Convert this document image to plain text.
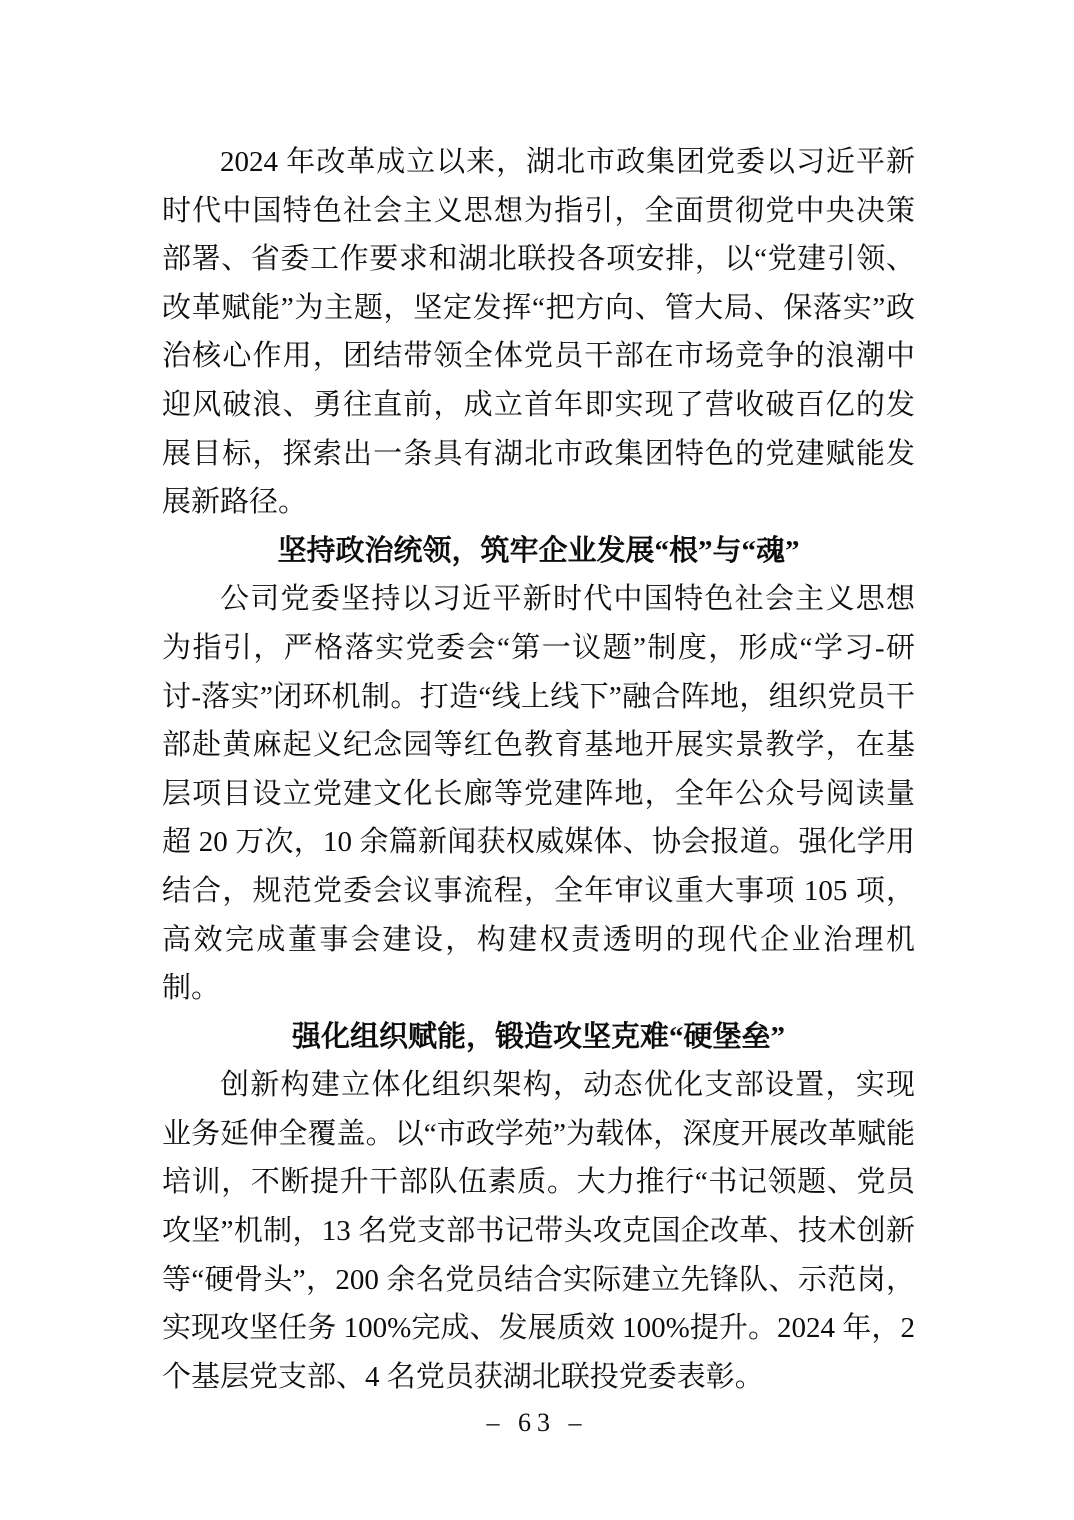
2024 年改革成立以来，湖北市政集团党委以习近平新时代中国特色社会主义思想为指引，全面贯彻党中央决策部署、省委工作要求和湖北联投各项安排，以“党建引领、改革赋能”为主题，坚定发挥“把方向、管大局、保落实”政治核心作用，团结带领全体党员干部在市场竞争的浪潮中迎风破浪、勇往直前，成立首年即实现了营收破百亿的发展目标，探索出一条具有湖北市政集团特色的党建赋能发展新路径。

坚持政治统领，筑牢企业发展“根”与“魂”

公司党委坚持以习近平新时代中国特色社会主义思想为指引，严格落实党委会“第一议题”制度，形成“学习-研讨-落实”闭环机制。打造“线上线下”融合阵地，组织党员干部赴黄麻起义纪念园等红色教育基地开展实景教学，在基层项目设立党建文化长廊等党建阵地，全年公众号阅读量超 20 万次，10 余篇新闻获权威媒体、协会报道。强化学用结合，规范党委会议事流程，全年审议重大事项 105 项，高效完成董事会建设，构建权责透明的现代企业治理机制。

强化组织赋能，锻造攻坚克难“硬堡垒”

创新构建立体化组织架构，动态优化支部设置，实现业务延伸全覆盖。以“市政学苑”为载体，深度开展改革赋能培训，不断提升干部队伍素质。大力推行“书记领题、党员攻坚”机制，13 名党支部书记带头攻克国企改革、技术创新等“硬骨头”，200 余名党员结合实际建立先锋队、示范岗，实现攻坚任务 100%完成、发展质效 100%提升。2024 年，2 个基层党支部、4 名党员获湖北联投党委表彰。

– 63 –
